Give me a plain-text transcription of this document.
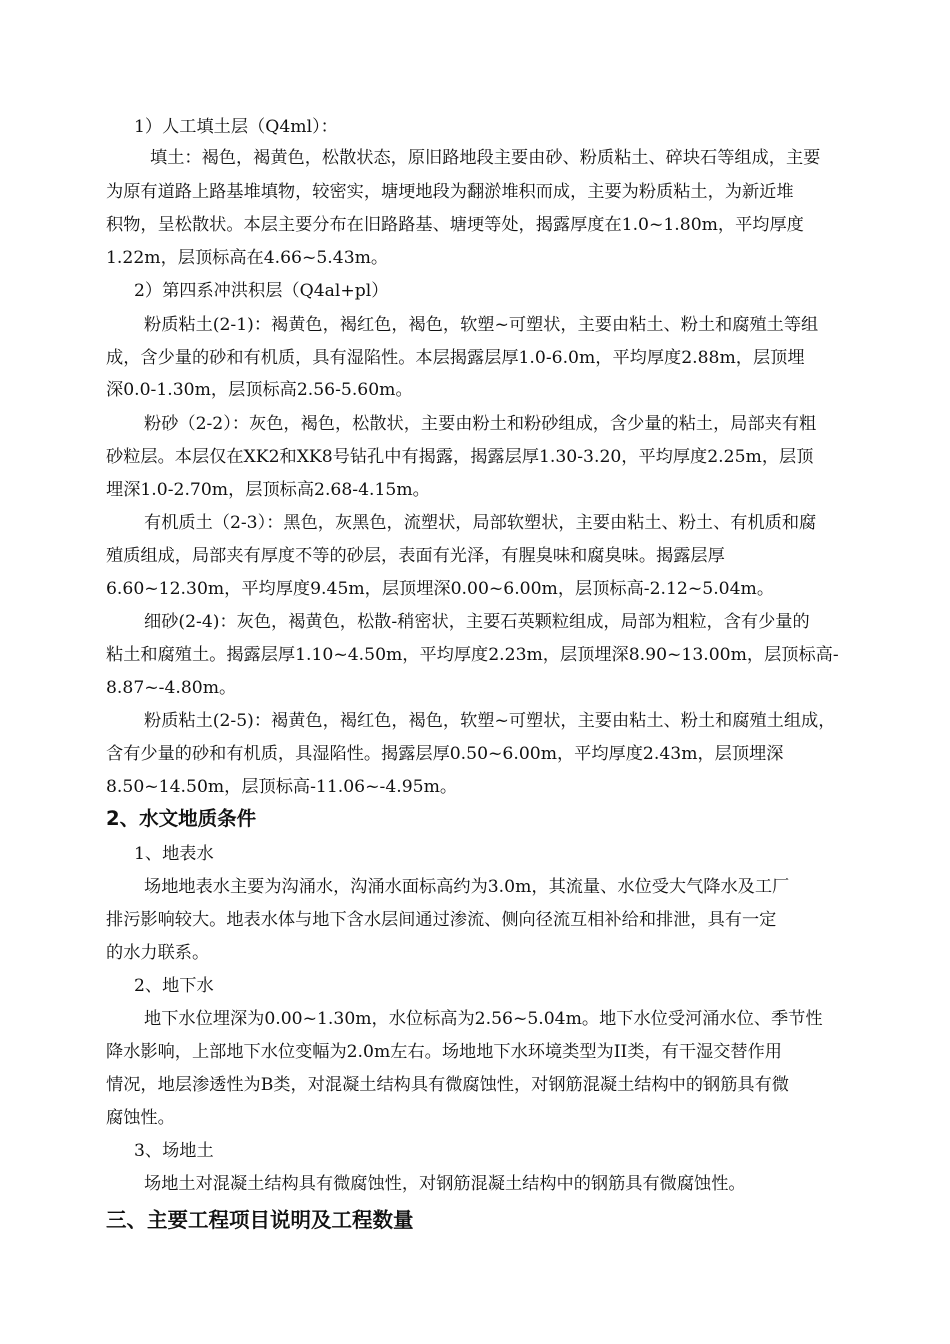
1）人工填土层（Q4ml）：
填土：褐色，褐黄色，松散状态，原旧路地段主要由砂、粉质粘土、碎块石等组成，主要
为原有道路上路基堆填物，较密实，塘埂地段为翻淤堆积而成，主要为粉质粘土，为新近堆
积物，呈松散状。本层主要分布在旧路路基、塘埂等处，揭露厚度在1.0~1.80m，平均厚度
1.22m，层顶标高在4.66~5.43m。
2）第四系冲洪积层（Q4al+pl）
粉质粘土(2-1)：褐黄色，褐红色，褐色，软塑~可塑状，主要由粘土、粉土和腐殖土等组
成，含少量的砂和有机质，具有湿陷性。本层揭露层厚1.0-6.0m，平均厚度2.88m，层顶埋
深0.0-1.30m，层顶标高2.56-5.60m。
粉砂（2-2）：灰色，褐色，松散状，主要由粉土和粉砂组成，含少量的粘土，局部夹有粗
砂粒层。本层仅在XK2和XK8号钻孔中有揭露，揭露层厚1.30-3.20，平均厚度2.25m，层顶
埋深1.0-2.70m，层顶标高2.68-4.15m。
有机质土（2-3）：黑色，灰黑色，流塑状，局部软塑状，主要由粘土、粉土、有机质和腐
殖质组成，局部夹有厚度不等的砂层，表面有光泽，有腥臭味和腐臭味。揭露层厚
6.60~12.30m，平均厚度9.45m，层顶埋深0.00~6.00m，层顶标高-2.12~5.04m。
细砂(2-4)：灰色，褐黄色，松散-稍密状，主要石英颗粒组成，局部为粗粒，含有少量的
粘土和腐殖土。揭露层厚1.10~4.50m，平均厚度2.23m，层顶埋深8.90~13.00m，层顶标高-
8.87~-4.80m。
粉质粘土(2-5)：褐黄色，褐红色，褐色，软塑~可塑状，主要由粘土、粉土和腐殖土组成，
含有少量的砂和有机质，具湿陷性。揭露层厚0.50~6.00m，平均厚度2.43m，层顶埋深
8.50~14.50m，层顶标高-11.06~-4.95m。
2、水文地质条件
1、地表水
场地地表水主要为沟涌水，沟涌水面标高约为3.0m，其流量、水位受大气降水及工厂
排污影响较大。地表水体与地下含水层间通过渗流、侧向径流互相补给和排泄，具有一定
的水力联系。
2、地下水
地下水位埋深为0.00~1.30m，水位标高为2.56~5.04m。地下水位受河涌水位、季节性
降水影响，上部地下水位变幅为2.0m左右。场地地下水环境类型为II类，有干湿交替作用
情况，地层渗透性为B类，对混凝土结构具有微腐蚀性，对钢筋混凝土结构中的钢筋具有微
腐蚀性。
3、场地土
场地土对混凝土结构具有微腐蚀性，对钢筋混凝土结构中的钢筋具有微腐蚀性。
三、主要工程项目说明及工程数量
